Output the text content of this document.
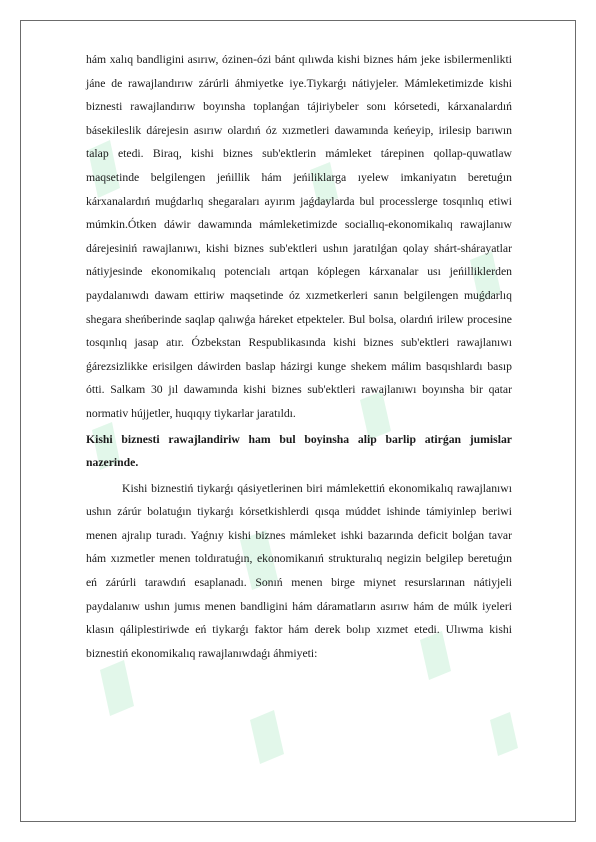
hám xalıq bandligini asırıw, ózinen-ózi bánt qılıwda kishi biznes hám jeke isbilermenlikti jáne de rawajlandırıw zárúrli áhmiyetke iye.Tiykarǵı nátiyjeler. Mámleketimizde kishi biznesti rawajlandırıw boyınsha toplanǵan tájiriybeler sonı kórsetedi, kárxanalardıń básekileslik dárejesin asırıw olardıń óz xızmetleri dawamında keńeyip, irilesip barıwın talap etedi. Biraq, kishi biznes sub'ektlerin mámleket tárepinen qollap-quwatlaw maqsetinde belgilengen jeńillik hám jeńiliklarga ıyelew imkaniyatın beretuǵın kárxanalardıń muǵdarlıq shegaraları ayırım jaǵdaylarda bul processlerge tosqınlıq etiwi múmkin.Ótken dáwir dawamında mámleketimizde sociallıq-ekonomikalıq rawajlanıw dárejesiniń rawajlanıwı, kishi biznes sub'ektleri ushın jaratılǵan qolay shárt-shárayatlar nátiyjesinde ekonomikalıq potencialı artqan kóplegen kárxanalar usı jeńilliklerden paydalanıwdı dawam ettiriw maqsetinde óz xızmetkerleri sanın belgilengen muǵdarlıq shegara sheńberinde saqlap qalıwǵa háreket etpekteler. Bul bolsa, olardıń irilew procesine tosqınlıq jasap atır. Ózbekstan Respublikasında kishi biznes sub'ektleri rawajlanıwı ǵárezsizlikke erisilgen dáwirden baslap házirgi kunge shekem málim basqıshlardı basıp ótti. Salkam 30 jıl dawamında kishi biznes sub'ektleri rawajlanıwı boyınsha bir qatar normativ hújjetler, huqıqıy tiykarlar jaratıldı.

Kishi biznesti rawajlandiriw ham bul boyinsha alip barlip atirǵan jumislar nazerinde.

Kishi biznestiń tiykarǵı qásiyetlerinen biri mámlekettiń ekonomikalıq rawajlanıwı ushın zárúr bolatuǵın tiykarǵı kórsetkishlerdi qısqa múddet ishinde támiyinlep beriwi menen ajralıp turadı. Yaǵnıy kishi biznes mámleket ishki bazarında deficit bolǵan tavar hám xızmetler menen toldıratuǵın, ekonomikanıń strukturalıq negizin belgilep beretuǵın eń zárúrli tarawdıń esaplanadı. Sonıń menen birge miynet resurslarınan nátiyjeli paydalanıw ushın jumıs menen bandligini hám dáramatların asırıw hám de múlk iyeleri klasın qáliplestiriwde eń tiykarǵı faktor hám derek bolıp xızmet etedi. Ulıwma kishi biznestiń ekonomikalıq rawajlanıwdaǵı áhmiyeti:
